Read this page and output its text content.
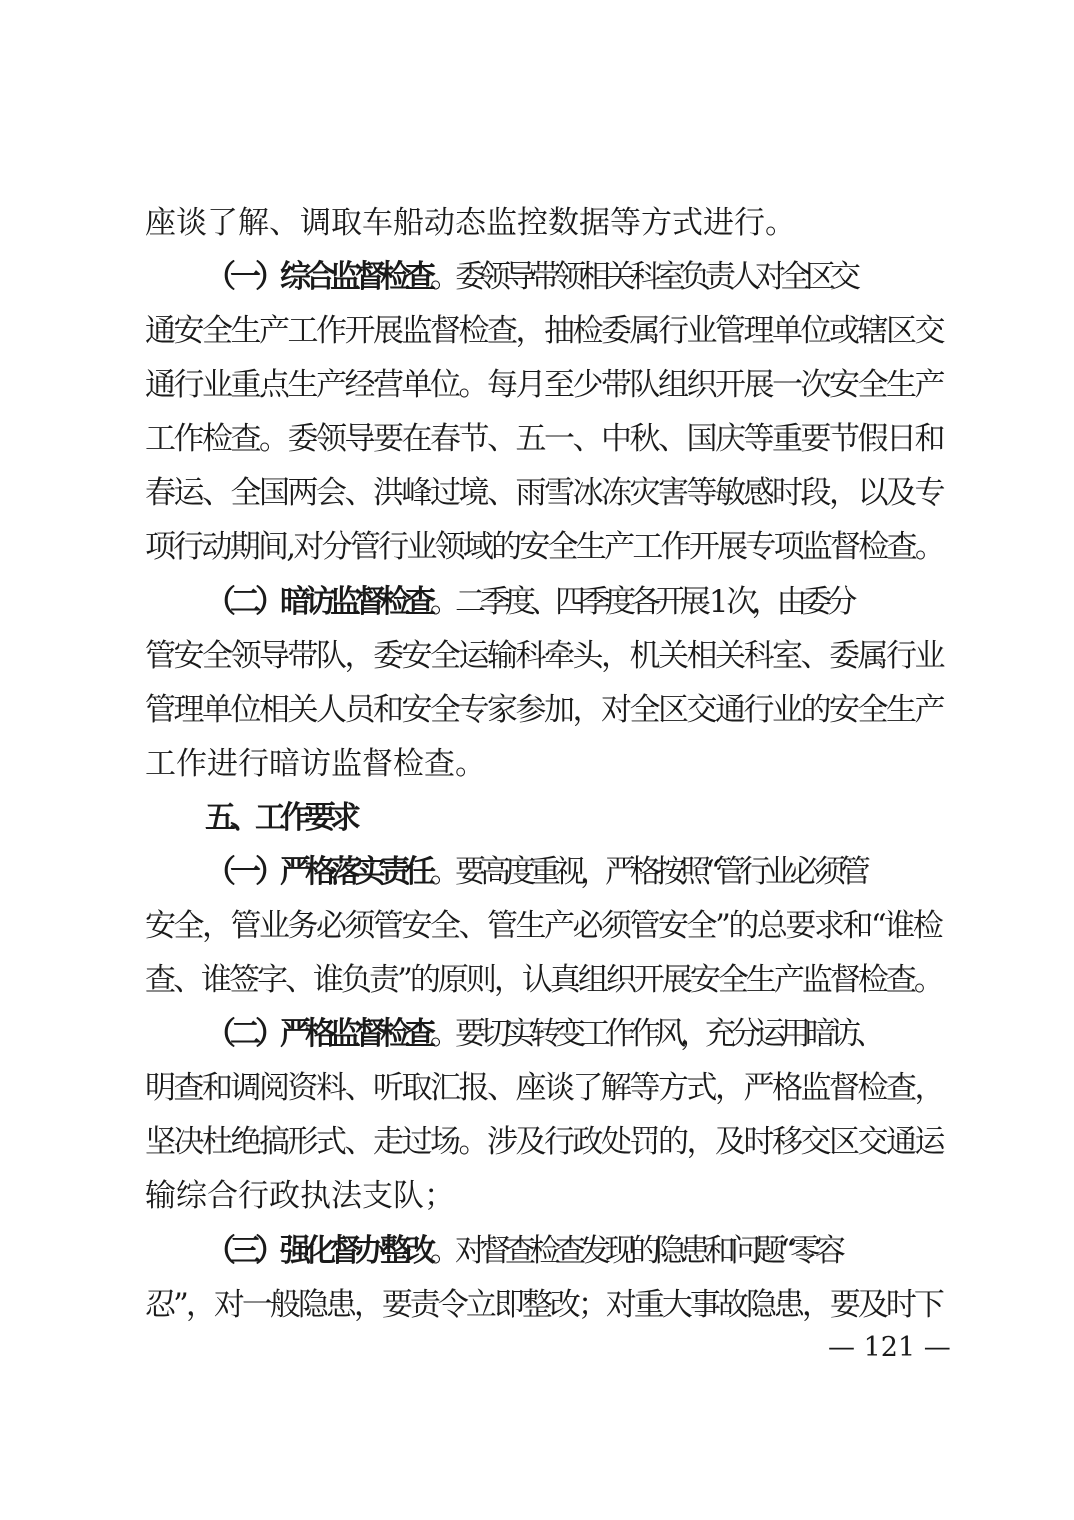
座谈了解、调取车船动态监控数据等方式进行。
（一）综合监督检查。委领导带领相关科室负责人对全区交
通安全生产工作开展监督检查，抽检委属行业管理单位或辖区交
通行业重点生产经营单位。每月至少带队组织开展一次安全生产
工作检查。委领导要在春节、五一、中秋、国庆等重要节假日和
春运、全国两会、洪峰过境、雨雪冰冻灾害等敏感时段，以及专
项行动期间,对分管行业领域的安全生产工作开展专项监督检查。
（二）暗访监督检查。二季度、四季度各开展 1 次，由委分
管安全领导带队，委安全运输科牵头，机关相关科室、委属行业
管理单位相关人员和安全专家参加，对全区交通行业的安全生产
工作进行暗访监督检查。
五、工作要求
（一）严格落实责任。要高度重视，严格按照“管行业必须管
安全，管业务必须管安全、管生产必须管安全”的总要求和“谁检
查、谁签字、谁负责”的原则，认真组织开展安全生产监督检查。
（二）严格监督检查。要切实转变工作作风，充分运用暗访、
明查和调阅资料、听取汇报、座谈了解等方式，严格监督检查，
坚决杜绝搞形式、走过场。涉及行政处罚的，及时移交区交通运
输综合行政执法支队；
（三）强化督办整改。对督查检查发现的隐患和问题“零容
忍”，对一般隐患，要责令立即整改；对重大事故隐患，要及时下
— 121 —
